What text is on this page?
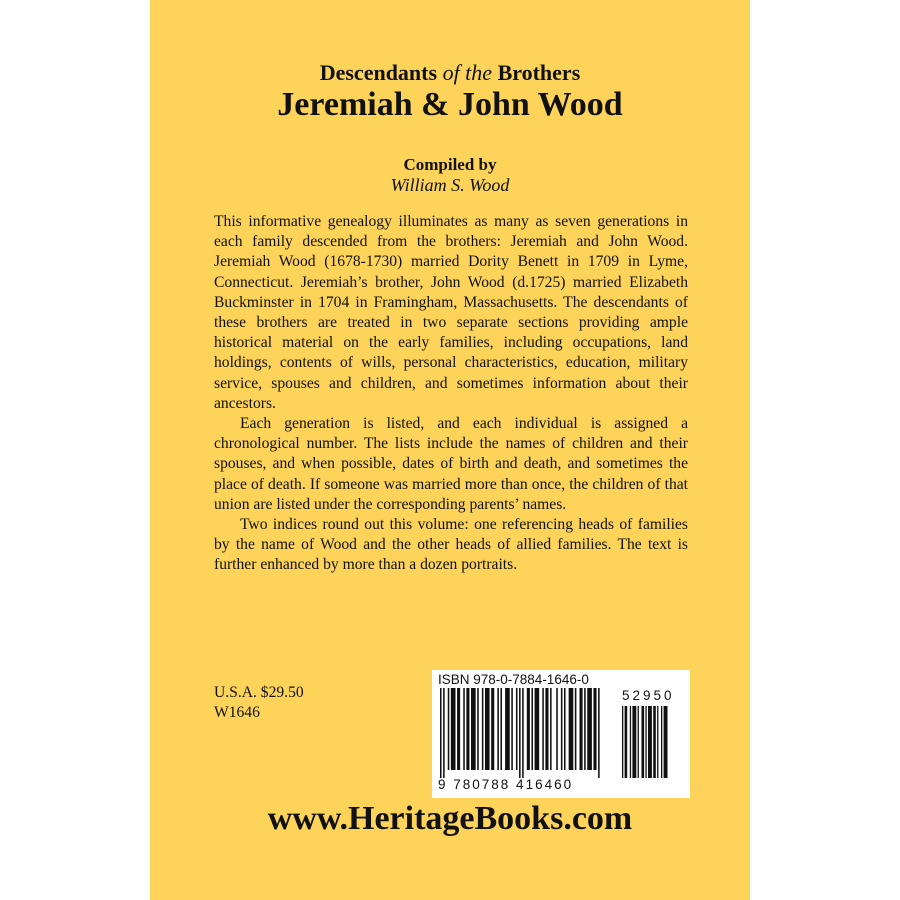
Descendants of the Brothers
Jeremiah & John Wood
Compiled by
William S. Wood

This informative genealogy illuminates as many as seven generations in each family descended from the brothers: Jeremiah and John Wood. Jeremiah Wood (1678-1730) married Dority Benett in 1709 in Lyme, Connecticut. Jeremiah’s brother, John Wood (d.1725) married Elizabeth Buckminster in 1704 in Framingham, Massachusetts. The descendants of these brothers are treated in two separate sections providing ample historical material on the early families, including occupations, land holdings, contents of wills, personal characteristics, education, military service, spouses and children, and sometimes information about their ancestors.

Each generation is listed, and each individual is assigned a chronological number. The lists include the names of children and their spouses, and when possible, dates of birth and death, and sometimes the place of death. If someone was married more than once, the children of that union are listed under the corresponding parents’ names.

Two indices round out this volume: one referencing heads of families by the name of Wood and the other heads of allied families. The text is further enhanced by more than a dozen portraits.

U.S.A. $29.50
W1646
ISBN 978-0-7884-1646-0
9 780788 416460
52950
www.HeritageBooks.com
